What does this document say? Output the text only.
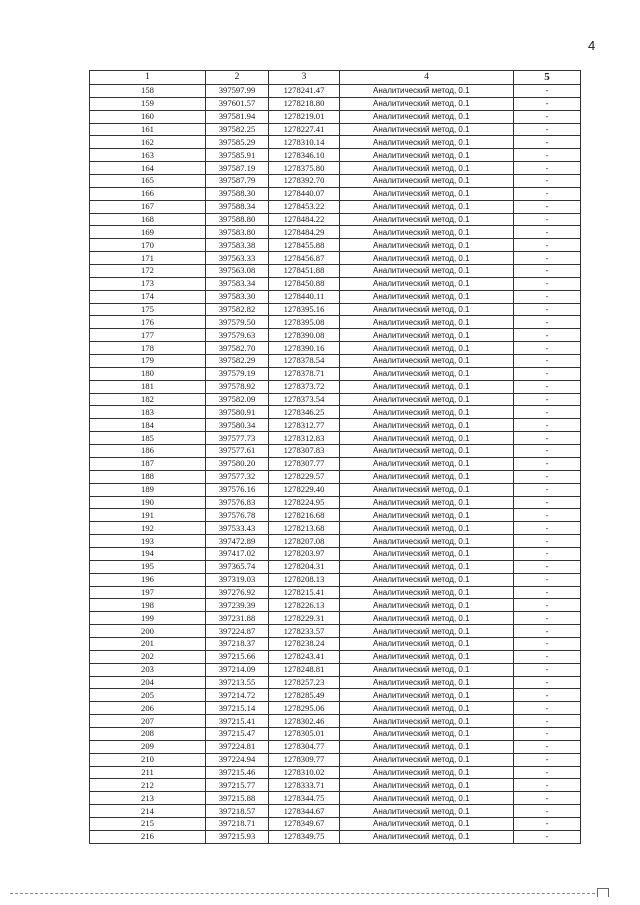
4
1	2	3	4	5
158	397597.99	1278241.47	Аналитический метод, 0.1	-
159	397601.57	1278218.80	Аналитический метод, 0.1	-
160	397581.94	1278219.01	Аналитический метод, 0.1	-
161	397582.25	1278227.41	Аналитический метод, 0.1	-
162	397585.29	1278310.14	Аналитический метод, 0.1	-
163	397585.91	1278346.10	Аналитический метод, 0.1	-
164	397587.19	1278375.80	Аналитический метод, 0.1	-
165	397587.79	1278392.70	Аналитический метод, 0.1	-
166	397588.30	1278440.07	Аналитический метод, 0.1	-
167	397588.34	1278453.22	Аналитический метод, 0.1	-
168	397588.80	1278484.22	Аналитический метод, 0.1	-
169	397583.80	1278484.29	Аналитический метод, 0.1	-
170	397583.38	1278455.88	Аналитический метод, 0.1	-
171	397563.33	1278456.87	Аналитический метод, 0.1	-
172	397563.08	1278451.88	Аналитический метод, 0.1	-
173	397583.34	1278450.88	Аналитический метод, 0.1	-
174	397583.30	1278440.11	Аналитический метод, 0.1	-
175	397582.82	1278395.16	Аналитический метод, 0.1	-
176	397579.50	1278395.08	Аналитический метод, 0.1	-
177	397579.63	1278390.08	Аналитический метод, 0.1	-
178	397582.70	1278390.16	Аналитический метод, 0.1	-
179	397582.29	1278378.54	Аналитический метод, 0.1	-
180	397579.19	1278378.71	Аналитический метод, 0.1	-
181	397578.92	1278373.72	Аналитический метод, 0.1	-
182	397582.09	1278373.54	Аналитический метод, 0.1	-
183	397580.91	1278346.25	Аналитический метод, 0.1	-
184	397580.34	1278312.77	Аналитический метод, 0.1	-
185	397577.73	1278312.83	Аналитический метод, 0.1	-
186	397577.61	1278307.83	Аналитический метод, 0.1	-
187	397580.20	1278307.77	Аналитический метод, 0.1	-
188	397577.32	1278229.57	Аналитический метод, 0.1	-
189	397576.16	1278229.40	Аналитический метод, 0.1	-
190	397576.83	1278224.95	Аналитический метод, 0.1	-
191	397576.78	1278216.68	Аналитический метод, 0.1	-
192	397533.43	1278213.68	Аналитический метод, 0.1	-
193	397472.89	1278207.08	Аналитический метод, 0.1	-
194	397417.02	1278203.97	Аналитический метод, 0.1	-
195	397365.74	1278204.31	Аналитический метод, 0.1	-
196	397319.03	1278208.13	Аналитический метод, 0.1	-
197	397276.92	1278215.41	Аналитический метод, 0.1	-
198	397239.39	1278226.13	Аналитический метод, 0.1	-
199	397231.88	1278229.31	Аналитический метод, 0.1	-
200	397224.87	1278233.57	Аналитический метод, 0.1	-
201	397218.37	1278238.24	Аналитический метод, 0.1	-
202	397215.66	1278243.41	Аналитический метод, 0.1	-
203	397214.09	1278248.81	Аналитический метод, 0.1	-
204	397213.55	1278257.23	Аналитический метод, 0.1	-
205	397214.72	1278285.49	Аналитический метод, 0.1	-
206	397215.14	1278295.06	Аналитический метод, 0.1	-
207	397215.41	1278302.46	Аналитический метод, 0.1	-
208	397215.47	1278305.01	Аналитический метод, 0.1	-
209	397224.81	1278304.77	Аналитический метод, 0.1	-
210	397224.94	1278309.77	Аналитический метод, 0.1	-
211	397215.46	1278310.02	Аналитический метод, 0.1	-
212	397215.77	1278333.71	Аналитический метод, 0.1	-
213	397215.88	1278344.75	Аналитический метод, 0.1	-
214	397218.57	1278344.67	Аналитический метод, 0.1	-
215	397218.71	1278349.67	Аналитический метод, 0.1	-
216	397215.93	1278349.75	Аналитический метод, 0.1	-
